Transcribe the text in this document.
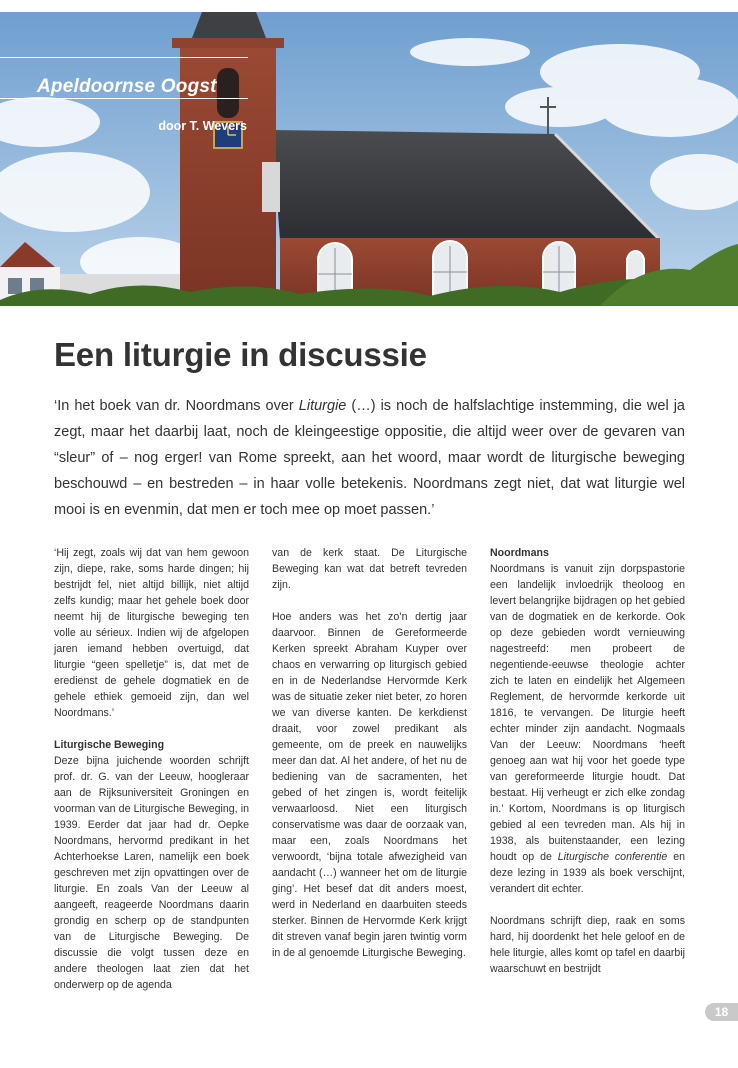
Apeldoornse Oogst
door T. Wevers
Een liturgie in discussie

‘In het boek van dr. Noordmans over Liturgie (…) is noch de halfslachtige instemming, die wel ja zegt, maar het daarbij laat, noch de kleingeestige oppositie, die altijd weer over de gevaren van “sleur” of – nog erger! van Rome spreekt, aan het woord, maar wordt de liturgische beweging beschouwd – en bestreden – in haar volle betekenis. Noordmans zegt niet, dat wat liturgie wel mooi is en evenmin, dat men er toch mee op moet passen.’

‘Hij zegt, zoals wij dat van hem gewoon zijn, diepe, rake, soms harde dingen; hij bestrijdt fel, niet altijd billijk, niet altijd zelfs kundig; maar het gehele boek door neemt hij de liturgische beweging ten volle au sérieux. Indien wij de afgelopen jaren iemand hebben overtuigd, dat liturgie “geen spelletje” is, dat met de eredienst de gehele dogmatiek en de gehele ethiek gemoeid zijn, dan wel Noordmans.’

Liturgische Beweging

Deze bijna juichende woorden schrijft prof. dr. G. van der Leeuw, hoogleraar aan de Rijksuniversiteit Groningen en voorman van de Liturgische Beweging, in 1939. Eerder dat jaar had dr. Oepke Noordmans, hervormd predikant in het Achterhoekse Laren, namelijk een boek geschreven met zijn opvattingen over de liturgie. En zoals Van der Leeuw al aangeeft, reageerde Noordmans daarin grondig en scherp op de standpunten van de Liturgische Beweging. De discussie die volgt tussen deze en andere theologen laat zien dat het onderwerp op de agenda

van de kerk staat. De Liturgische Beweging kan wat dat betreft tevreden zijn.

Hoe anders was het zo’n dertig jaar daarvoor. Binnen de Gereformeerde Kerken spreekt Abraham Kuyper over chaos en verwarring op liturgisch gebied en in de Nederlandse Hervormde Kerk was de situatie zeker niet beter, zo horen we van diverse kanten. De kerkdienst draait, voor zowel predikant als gemeente, om de preek en nauwelijks meer dan dat. Al het andere, of het nu de bediening van de sacramenten, het gebed of het zingen is, wordt feitelijk verwaarloosd. Niet een liturgisch conservatisme was daar de oorzaak van, maar een, zoals Noordmans het verwoordt, ‘bijna totale afwezigheid van aandacht (…) wanneer het om de liturgie ging’. Het besef dat dit anders moest, werd in Nederland en daarbuiten steeds sterker. Binnen de Hervormde Kerk krijgt dit streven vanaf begin jaren twintig vorm in de al genoemde Liturgische Beweging.

Noordmans

Noordmans is vanuit zijn dorpspastorie een landelijk invloedrijk theoloog en levert belangrijke bijdragen op het gebied van de dogmatiek en de kerkorde. Ook op deze gebieden wordt vernieuwing nagestreefd: men probeert de negentiende-eeuwse theologie achter zich te laten en eindelijk het Algemeen Reglement, de hervormde kerkorde uit 1816, te vervangen. De liturgie heeft echter minder zijn aandacht. Nogmaals Van der Leeuw: Noordmans ‘heeft genoeg aan wat hij voor het goede type van gereformeerde liturgie houdt. Dat bestaat. Hij verheugt er zich elke zondag in.’ Kortom, Noordmans is op liturgisch gebied al een tevreden man. Als hij in 1938, als buitenstaander, een lezing houdt op de Liturgische conferentie en deze lezing in 1939 als boek verschijnt, verandert dit echter.

Noordmans schrijft diep, raak en soms hard, hij doordenkt het hele geloof en de hele liturgie, alles komt op tafel en daarbij waarschuwt en bestrijdt

18
